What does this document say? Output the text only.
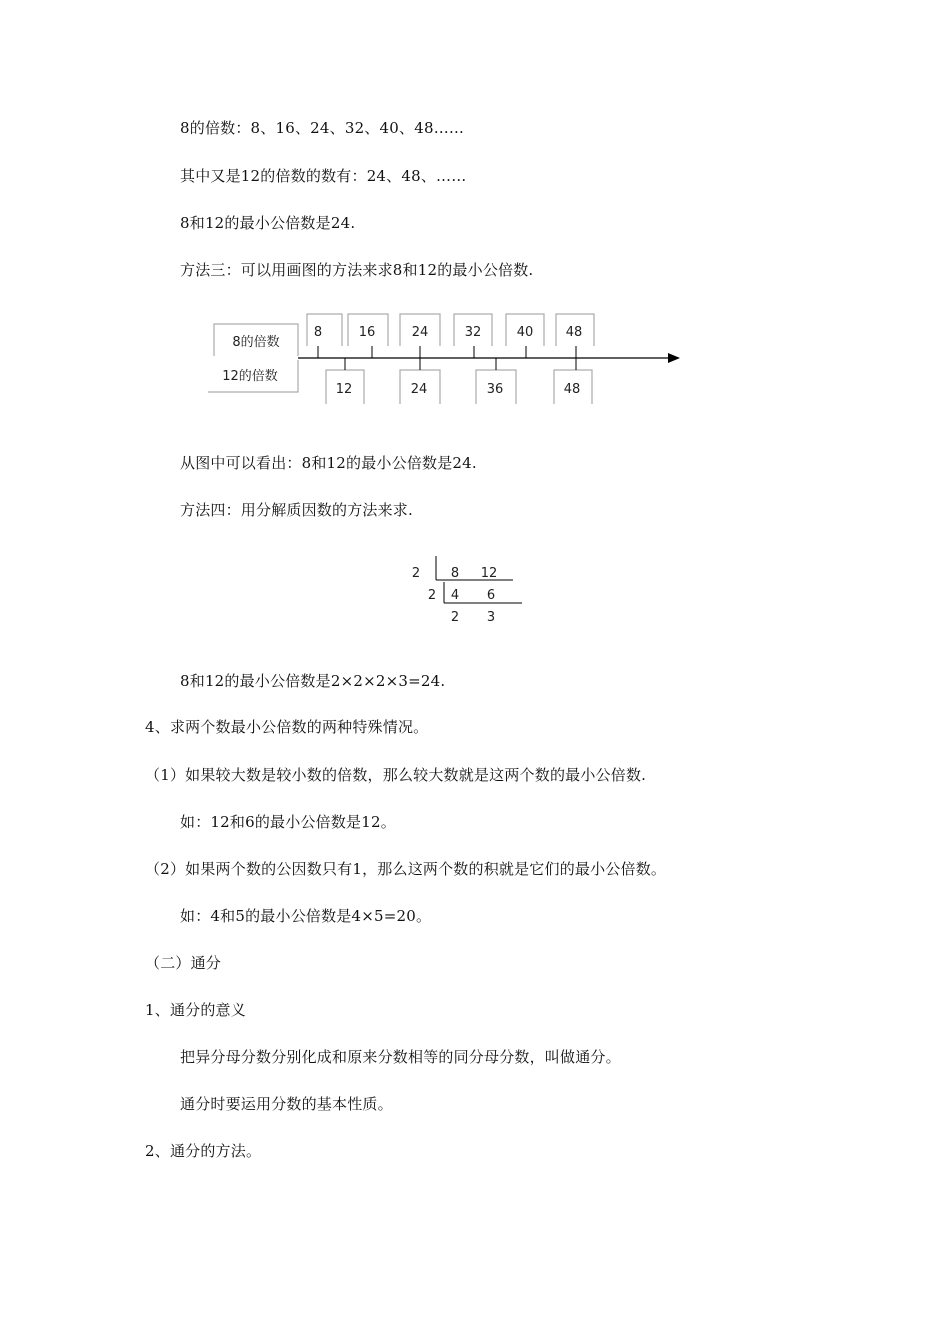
8的倍数：8、16、24、32、40、48……
其中又是12的倍数的数有：24、48、……
8和12的最小公倍数是24.
方法三：可以用画图的方法来求8和12的最小公倍数.
8的倍数
12的倍数
8	16	24	32	40 48
12	24	36	48
从图中可以看出：8和12的最小公倍数是24.
方法四：用分解质因数的方法来求.
2 8 12
2 4 6
2 3
8和12的最小公倍数是2×2×2×3=24.
4、求两个数最小公倍数的两种特殊情况。
（1）如果较大数是较小数的倍数，那么较大数就是这两个数的最小公倍数.
如：12和6的最小公倍数是12。
（2）如果两个数的公因数只有1，那么这两个数的积就是它们的最小公倍数。
如：4和5的最小公倍数是4×5=20。
（二）通分
1、通分的意义
把异分母分数分别化成和原来分数相等的同分母分数，叫做通分。
通分时要运用分数的基本性质。
2、通分的方法。
